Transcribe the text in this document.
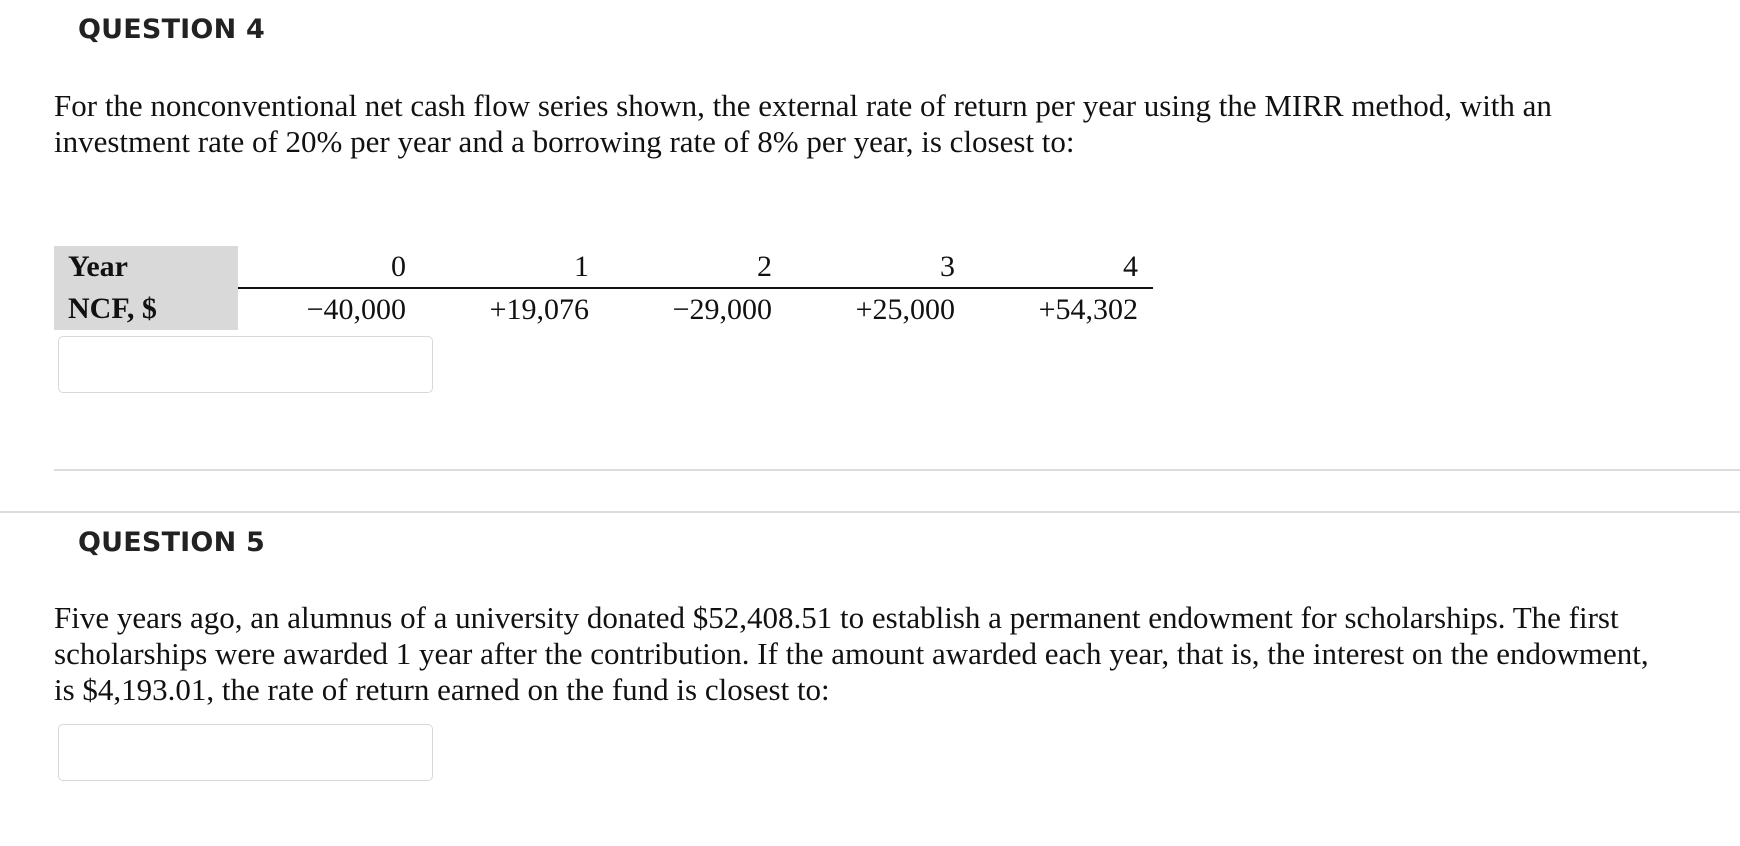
QUESTION 4

For the nonconventional net cash flow series shown, the external rate of return per year using the MIRR method, with an
investment rate of 20% per year and a borrowing rate of 8% per year, is closest to:

Year	0	1	2	3	4
NCF, $	−40,000	+19,076	−29,000	+25,000	+54,302
QUESTION 5

Five years ago, an alumnus of a university donated $52,408.51 to establish a permanent endowment for scholarships. The first
scholarships were awarded 1 year after the contribution. If the amount awarded each year, that is, the interest on the endowment,
is $4,193.01, the rate of return earned on the fund is closest to:
